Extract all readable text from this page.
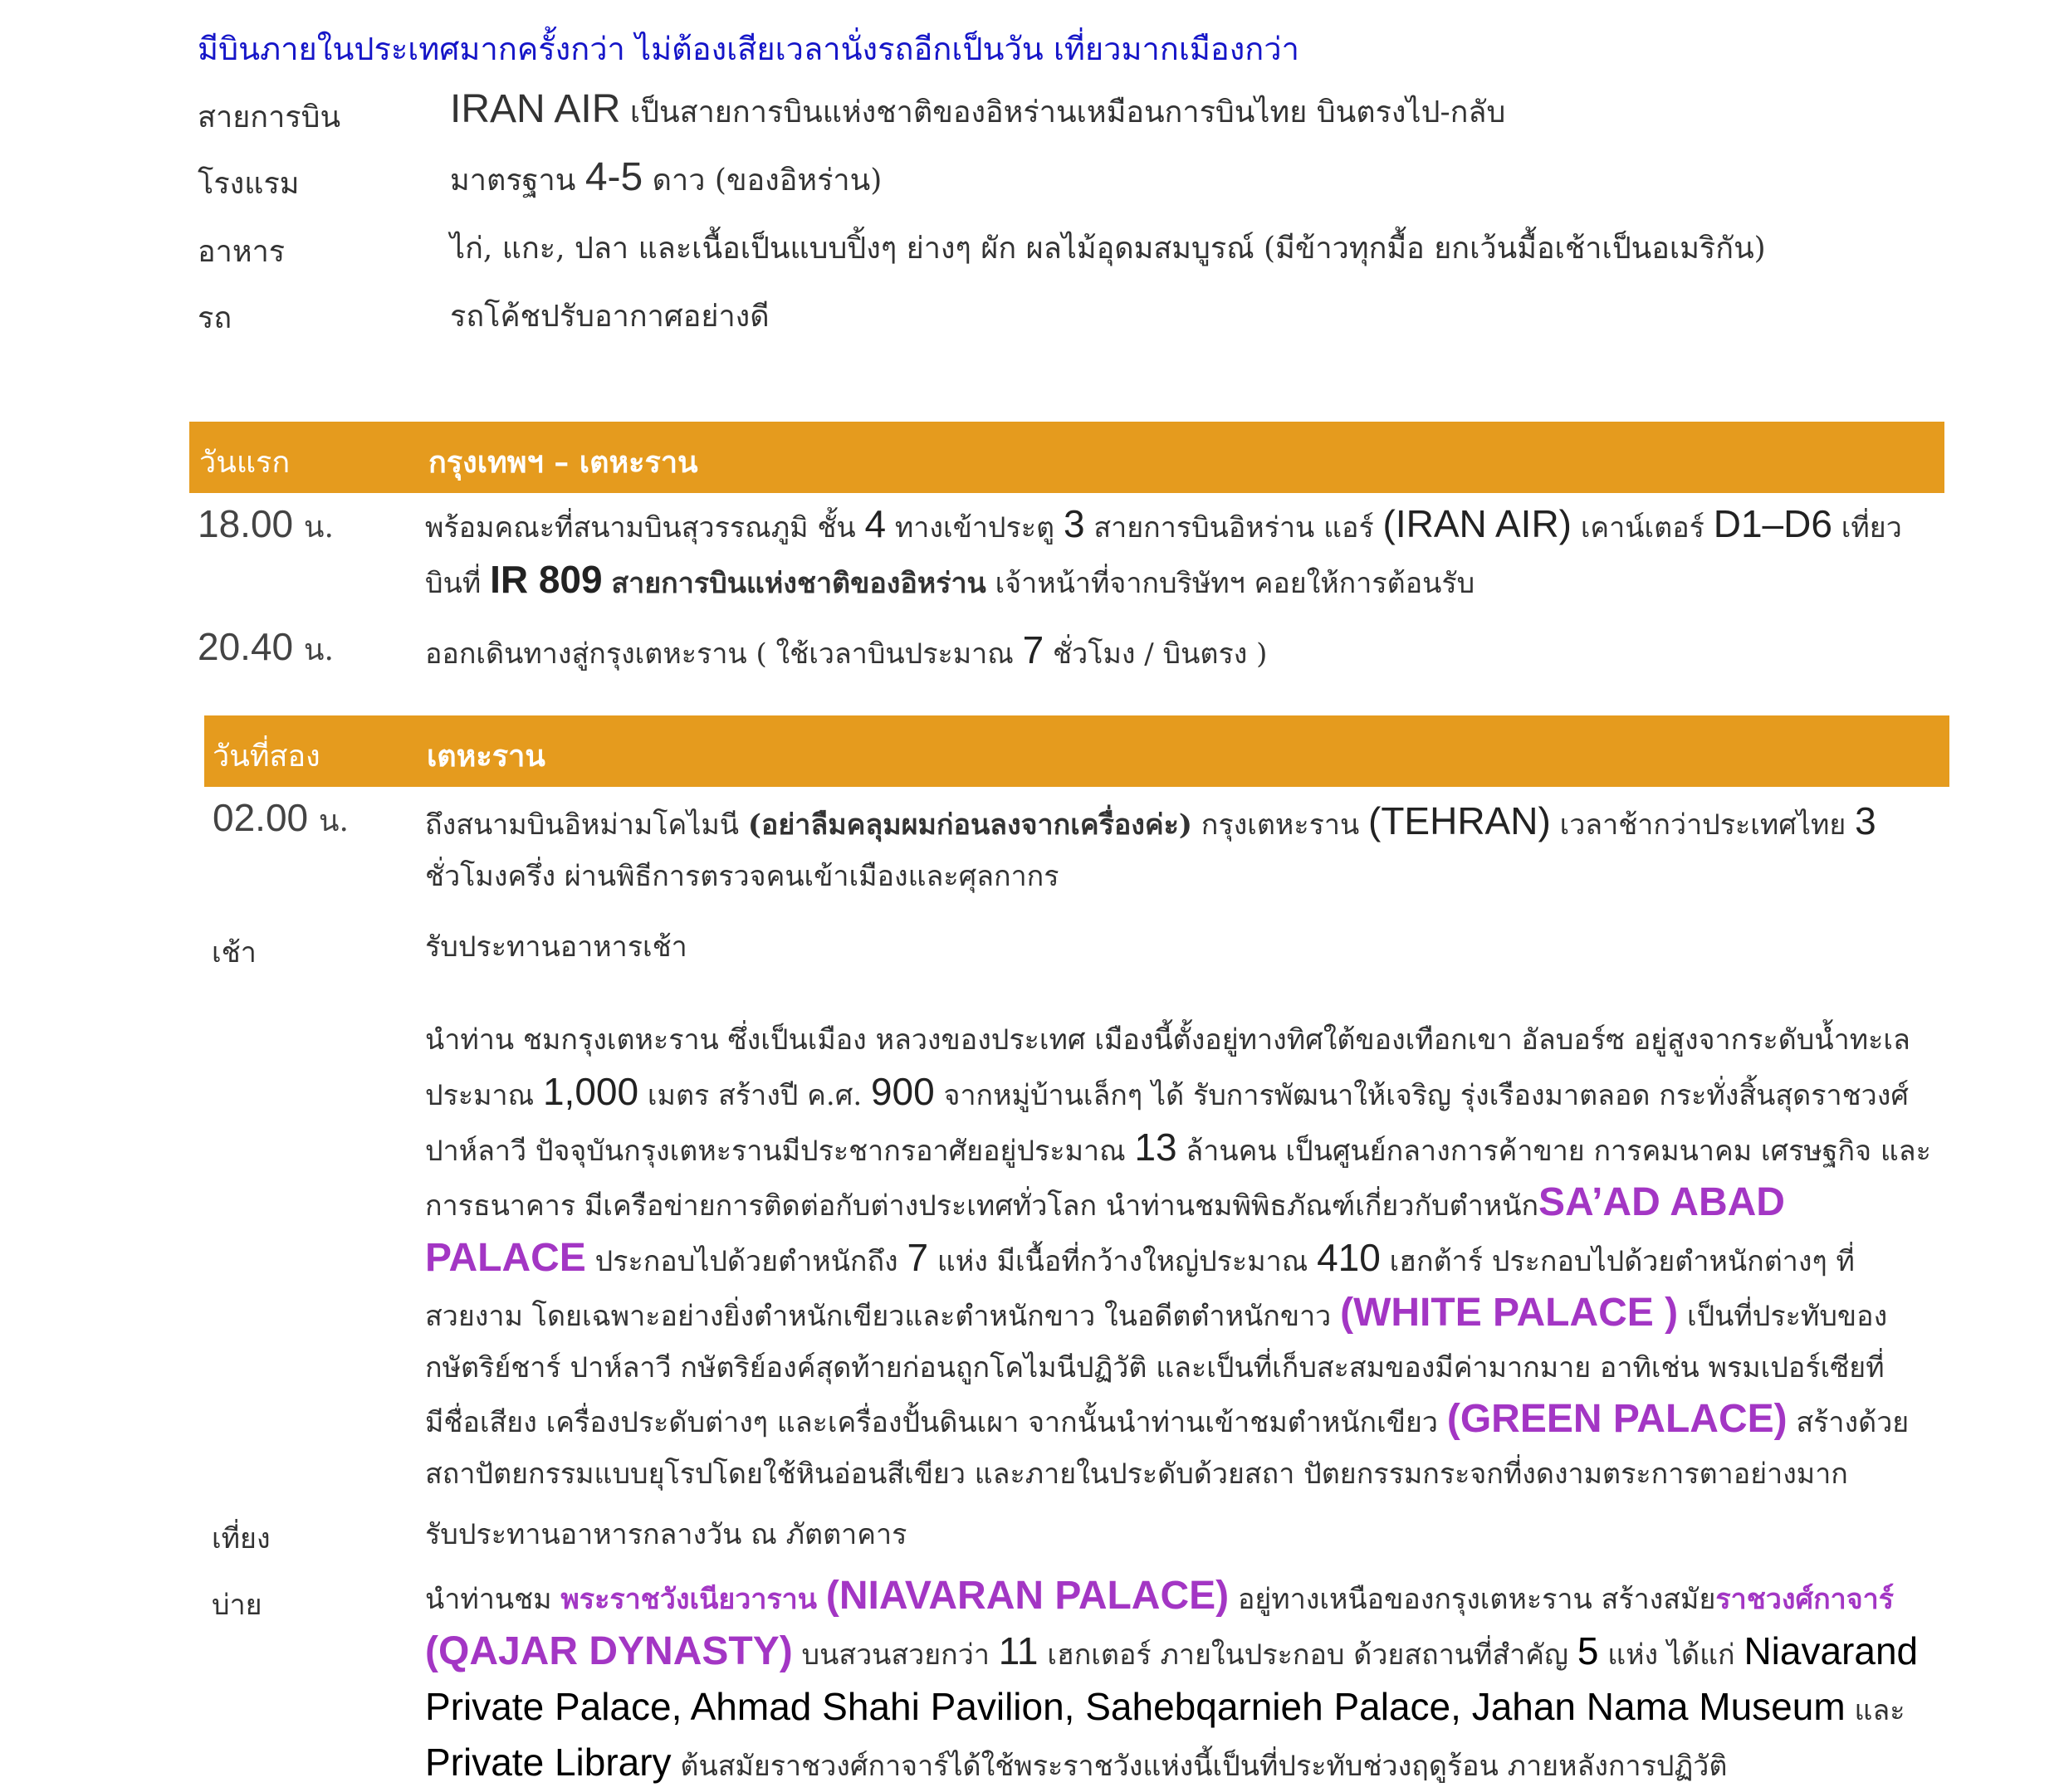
มีบินภายในประเทศมากครั้งกว่า ไม่ต้องเสียเวลานั่งรถอีกเป็นวัน เที่ยวมากเมืองกว่า
สายการบิน	IRAN AIR เป็นสายการบินแห่งชาติของอิหร่านเหมือนการบินไทย บินตรงไป-กลับ
โรงแรม	มาตรฐาน 4-5 ดาว (ของอิหร่าน)
อาหาร	ไก่, แกะ, ปลา และเนื้อเป็นแบบปิ้งๆ ย่างๆ ผัก ผลไม้อุดมสมบูรณ์ (มีข้าวทุกมื้อ ยกเว้นมื้อเช้าเป็นอเมริกัน)
รถ	รถโค้ชปรับอากาศอย่างดี
วันแรก	กรุงเทพฯ – เตหะราน
18.00 น.	พร้อมคณะที่สนามบินสุวรรณภูมิ ชั้น 4 ทางเข้าประตู 3 สายการบินอิหร่าน แอร์ (IRAN AIR) เคาน์เตอร์ D1–D6 เที่ยวบินที่ IR 809 สายการบินแห่งชาติของอิหร่าน เจ้าหน้าที่จากบริษัทฯ คอยให้การต้อนรับ
20.40 น.	ออกเดินทางสู่กรุงเตหะราน ( ใช้เวลาบินประมาณ 7 ชั่วโมง / บินตรง )
วันที่สอง	เตหะราน
02.00 น.	ถึงสนามบินอิหม่ามโคไมนี (อย่าลืมคลุมผมก่อนลงจากเครื่องค่ะ) กรุงเตหะราน (TEHRAN) เวลาช้ากว่าประเทศไทย 3 ชั่วโมงครึ่ง ผ่านพิธีการตรวจคนเข้าเมืองและศุลกากร
เช้า	รับประทานอาหารเช้า
นำท่าน ชมกรุงเตหะราน ซึ่งเป็นเมือง หลวงของประเทศ เมืองนี้ตั้งอยู่ทางทิศใต้ของเทือกเขา อัลบอร์ซ อยู่สูงจากระดับน้ำทะเลประมาณ 1,000 เมตร สร้างปี ค.ศ. 900 จากหมู่บ้านเล็กๆ ได้ รับการพัฒนาให้เจริญ รุ่งเรืองมาตลอด กระทั่งสิ้นสุดราชวงศ์ปาห์ลาวี ปัจจุบันกรุงเตหะรานมีประชากรอาศัยอยู่ประมาณ 13 ล้านคน เป็นศูนย์กลางการค้าขาย การคมนาคม เศรษฐกิจ และการธนาคาร มีเครือข่ายการติดต่อกับต่างประเทศทั่วโลก นำท่านชมพิพิธภัณฑ์เกี่ยวกับตำหนักSA’AD ABAD PALACE ประกอบไปด้วยตำหนักถึง 7 แห่ง มีเนื้อที่กว้างใหญ่ประมาณ 410 เฮกต้าร์ ประกอบไปด้วยตำหนักต่างๆ ที่สวยงาม โดยเฉพาะอย่างยิ่งตำหนักเขียวและตำหนักขาว ในอดีตตำหนักขาว (WHITE PALACE ) เป็นที่ประทับของกษัตริย์ชาร์ ปาห์ลาวี กษัตริย์องค์สุดท้ายก่อนถูกโคไมนีปฏิวัติ และเป็นที่เก็บสะสมของมีค่ามากมาย อาทิเช่น พรมเปอร์เซียที่มีชื่อเสียง เครื่องประดับต่างๆ และเครื่องปั้นดินเผา จากนั้นนำท่านเข้าชมตำหนักเขียว (GREEN PALACE) สร้างด้วยสถาปัตยกรรมแบบยุโรปโดยใช้หินอ่อนสีเขียว และภายในประดับด้วยสถา ปัตยกรรมกระจกที่งดงามตระการตาอย่างมาก
เที่ยง	รับประทานอาหารกลางวัน ณ ภัตตาคาร
บ่าย	นำท่านชม พระราชวังเนียวาราน (NIAVARAN PALACE) อยู่ทางเหนือของกรุงเตหะราน สร้างสมัยราชวงศ์กาจาร์ (QAJAR DYNASTY) บนสวนสวยกว่า 11 เฮกเตอร์ ภายในประกอบ ด้วยสถานที่สำคัญ 5 แห่ง ได้แก่ Niavarand Private Palace, Ahmad Shahi Pavilion, Sahebqarnieh Palace, Jahan Nama Museum และ Private Library ต้นสมัยราชวงศ์กาจาร์ได้ใช้พระราชวังแห่งนี้เป็นที่ประทับช่วงฤดูร้อน ภายหลังการปฏิวัติ
